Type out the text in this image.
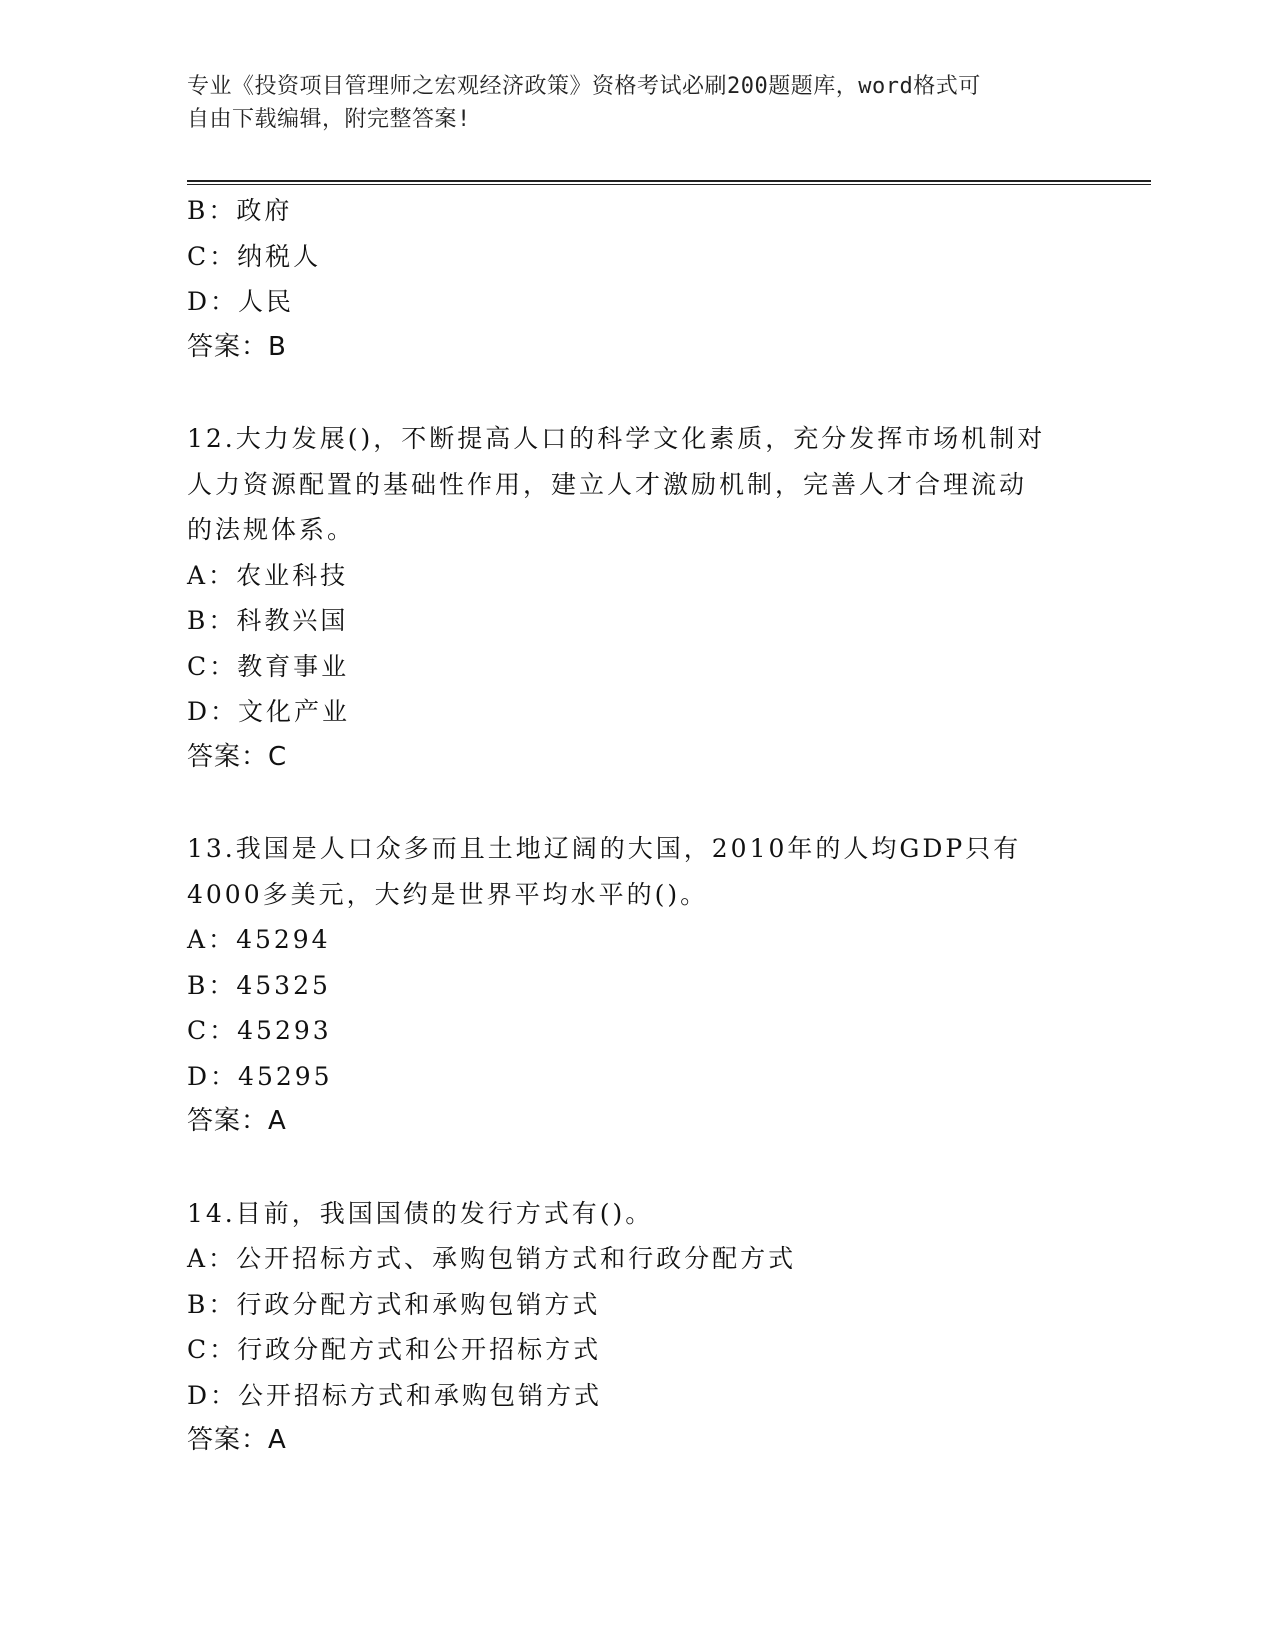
专业《投资项目管理师之宏观经济政策》资格考试必刷200题题库，word格式可
自由下载编辑，附完整答案!
B：政府
C：纳税人
D：人民
答案：B
12.大力发展()，不断提高人口的科学文化素质，充分发挥市场机制对
人力资源配置的基础性作用，建立人才激励机制，完善人才合理流动
的法规体系。
A：农业科技
B：科教兴国
C：教育事业
D：文化产业
答案：C
13.我国是人口众多而且土地辽阔的大国，2010年的人均GDP只有
4000多美元，大约是世界平均水平的()。
A：45294
B：45325
C：45293
D：45295
答案：A
14.目前，我国国债的发行方式有()。
A：公开招标方式、承购包销方式和行政分配方式
B：行政分配方式和承购包销方式
C：行政分配方式和公开招标方式
D：公开招标方式和承购包销方式
答案：A
